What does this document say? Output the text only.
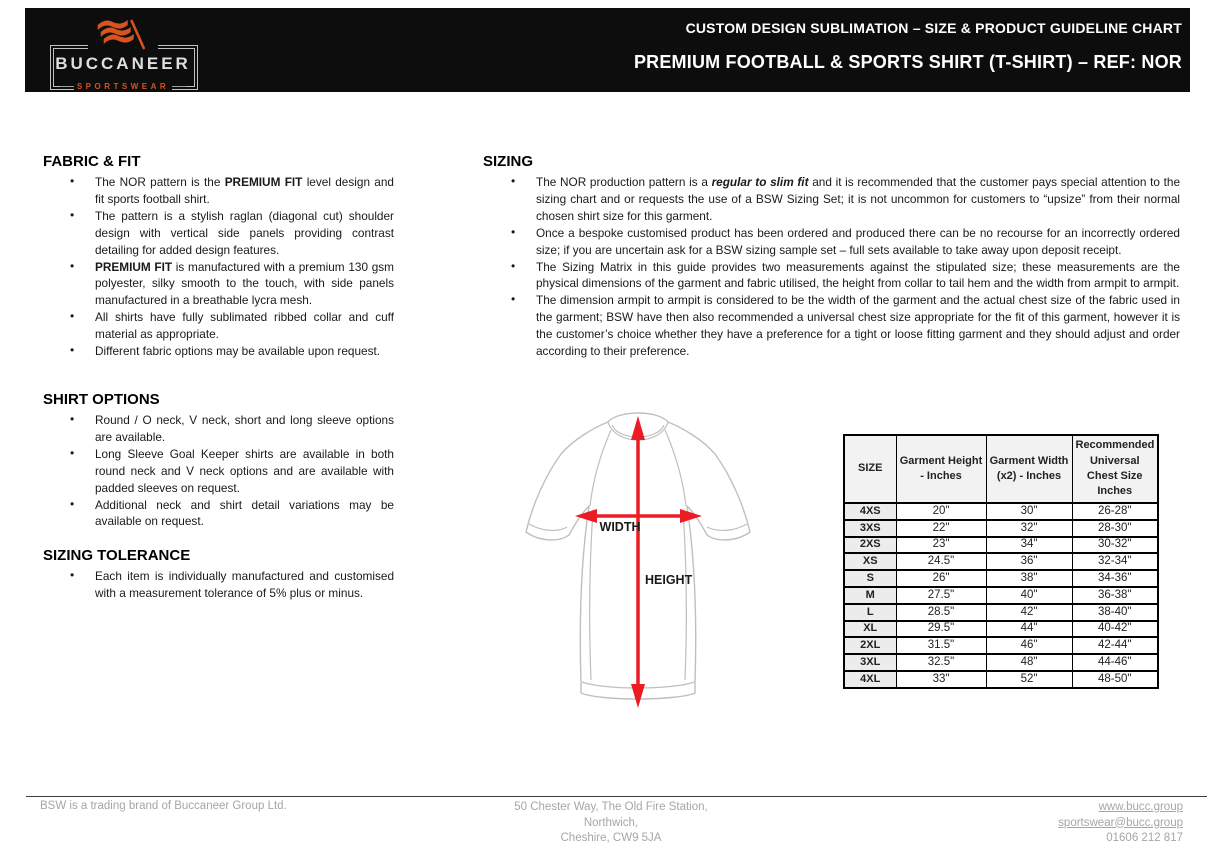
BUCCANEER
SPORTSWEAR
CUSTOM DESIGN SUBLIMATION – SIZE & PRODUCT GUIDELINE CHART
PREMIUM FOOTBALL & SPORTS SHIRT (T-SHIRT) – REF: NOR
FABRIC & FIT
• The NOR pattern is the PREMIUM FIT level design and fit sports football shirt.
• The pattern is a stylish raglan (diagonal cut) shoulder design with vertical side panels providing contrast detailing for added design features.
• PREMIUM FIT is manufactured with a premium 130 gsm polyester, silky smooth to the touch, with side panels manufactured in a breathable lycra mesh.
• All shirts have fully sublimated ribbed collar and cuff material as appropriate.
• Different fabric options may be available upon request.
SHIRT OPTIONS
• Round / O neck, V neck, short and long sleeve options are available.
• Long Sleeve Goal Keeper shirts are available in both round neck and V neck options and are available with padded sleeves on request.
• Additional neck and shirt detail variations may be available on request.
SIZING TOLERANCE
• Each item is individually manufactured and customised with a measurement tolerance of 5% plus or minus.
SIZING
• The NOR production pattern is a regular to slim fit and it is recommended that the customer pays special attention to the sizing chart and or requests the use of a BSW Sizing Set; it is not uncommon for customers to “upsize” from their normal chosen shirt size for this garment.
• Once a bespoke customised product has been ordered and produced there can be no recourse for an incorrectly ordered size; if you are uncertain ask for a BSW sizing sample set – full sets available to take away upon deposit receipt.
• The Sizing Matrix in this guide provides two measurements against the stipulated size; these measurements are the physical dimensions of the garment and fabric utilised, the height from collar to tail hem and the width from armpit to armpit.
• The dimension armpit to armpit is considered to be the width of the garment and the actual chest size of the fabric used in the garment; BSW have then also recommended a universal chest size appropriate for the fit of this garment, however it is the customer’s choice whether they have a preference for a tight or loose fitting garment and they should adjust and order according to their preference.
WIDTH
HEIGHT
SIZE	Garment Height - Inches	Garment Width (x2) - Inches	Recommended Universal Chest Size Inches
4XS	20"	30"	26-28"
3XS	22"	32"	28-30"
2XS	23"	34"	30-32"
XS	24.5"	36"	32-34"
S	26"	38"	34-36"
M	27.5"	40"	36-38"
L	28.5"	42"	38-40"
XL	29.5"	44"	40-42"
2XL	31.5"	46"	42-44"
3XL	32.5"	48"	44-46"
4XL	33"	52"	48-50"
BSW is a trading brand of Buccaneer Group Ltd.	50 Chester Way, The Old Fire Station,
Northwich,
Cheshire, CW9 5JA
www.bucc.group
sportswear@bucc.group
01606 212 817
